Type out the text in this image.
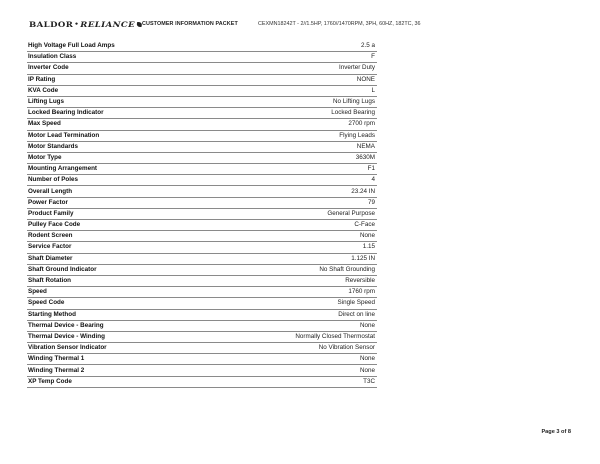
BALDOR•RELIANCE	CUSTOMER INFORMATION PACKET	CEXMN18242T - 2//1.5HP, 1760//1470RPM, 3PH, 60HZ, 182TC, 36
High Voltage Full Load Amps	2.5 a
Insulation Class	F
Inverter Code	Inverter Duty
IP Rating	NONE
KVA Code	L
Lifting Lugs	No Lifting Lugs
Locked Bearing Indicator	Locked Bearing
Max Speed	2700 rpm
Motor Lead Termination	Flying Leads
Motor Standards	NEMA
Motor Type	3630M
Mounting Arrangement	F1
Number of Poles	4
Overall Length	23.24 IN
Power Factor	79
Product Family	General Purpose
Pulley Face Code	C-Face
Rodent Screen	None
Service Factor	1.15
Shaft Diameter	1.125 IN
Shaft Ground Indicator	No Shaft Grounding
Shaft Rotation	Reversible
Speed	1760 rpm
Speed Code	Single Speed
Starting Method	Direct on line
Thermal Device - Bearing	None
Thermal Device - Winding	Normally Closed Thermostat
Vibration Sensor Indicator	No Vibration Sensor
Winding Thermal 1	None
Winding Thermal 2	None
XP Temp Code	T3C
Page 3 of 8
